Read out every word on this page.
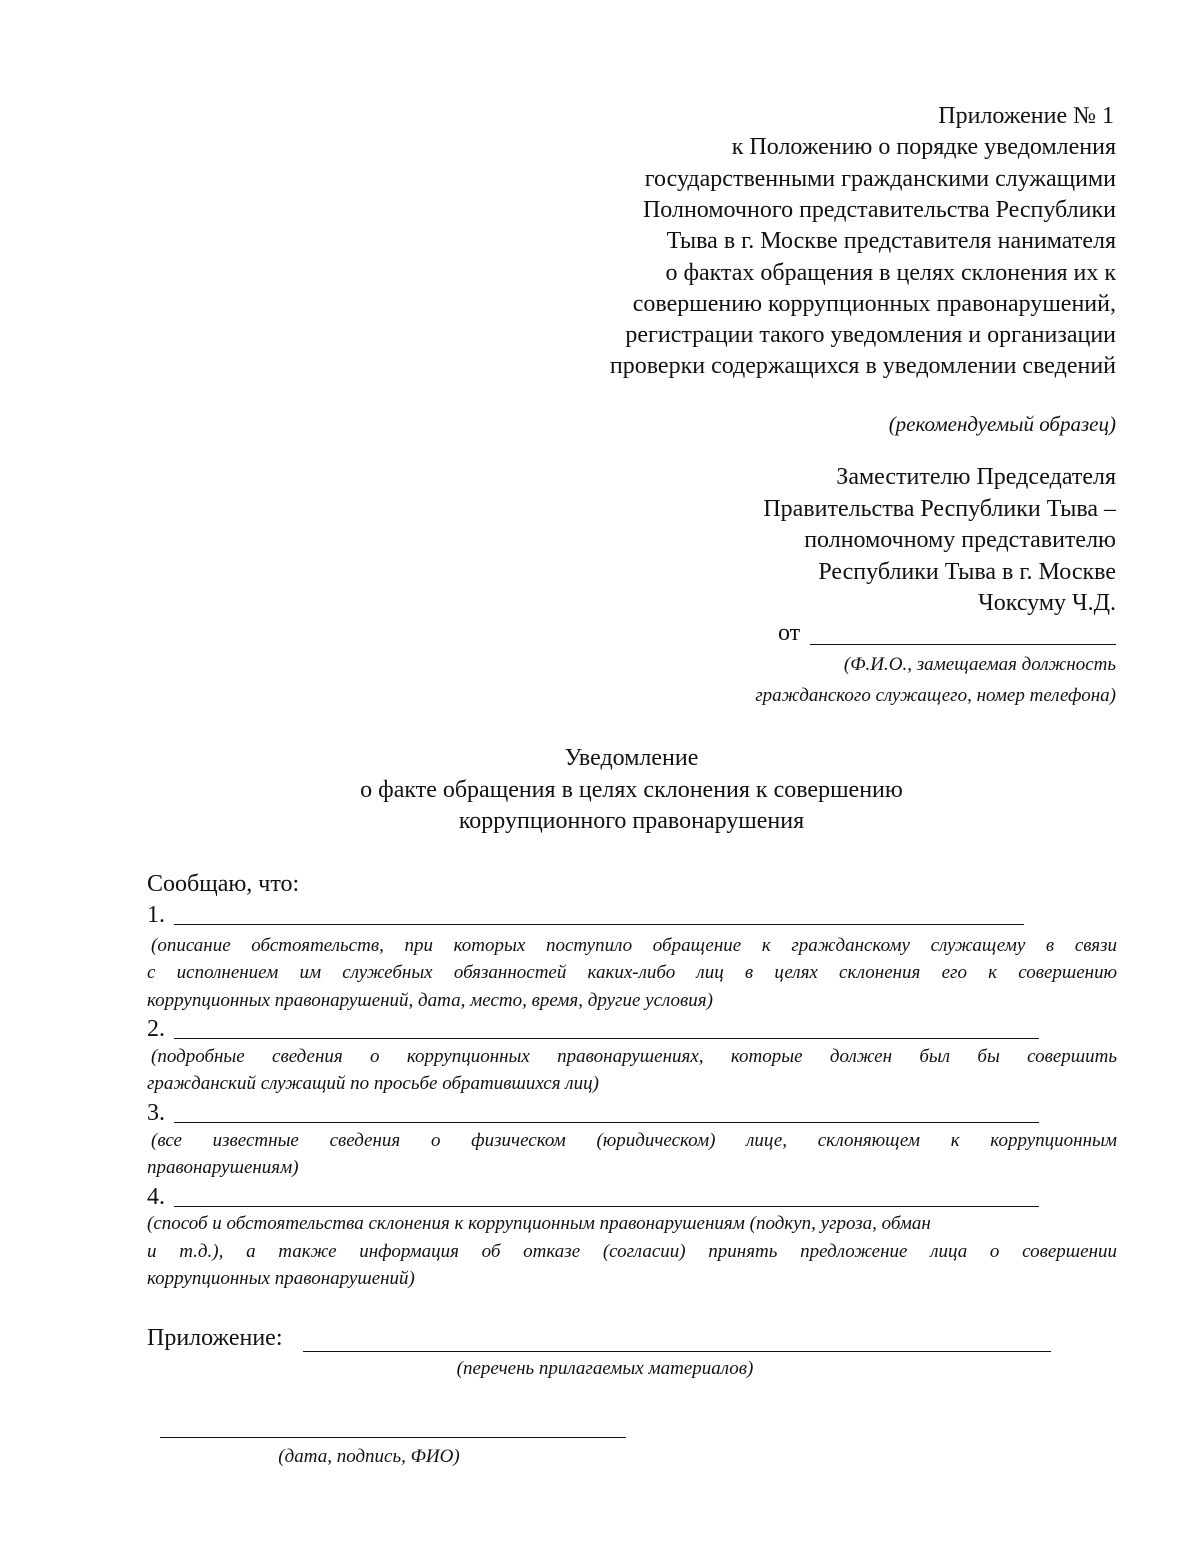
Приложение № 1
к Положению о порядке уведомления
государственными гражданскими служащими
Полномочного представительства Республики
Тыва в г. Москве представителя нанимателя
о фактах обращения в целях склонения их к
совершению коррупционных правонарушений,
регистрации такого уведомления и организации
проверки содержащихся в уведомлении сведений
(рекомендуемый образец)
Заместителю Председателя
Правительства Республики Тыва –
полномочному представителю
Республики Тыва в г. Москве
Чоксуму Ч.Д.
от
(Ф.И.О., замещаемая должность
гражданского служащего, номер телефона)
Уведомление
о факте обращения в целях склонения к совершению
коррупционного правонарушения
Сообщаю, что:
1.
(описание обстоятельств, при которых поступило обращение к гражданскому служащему в связи
с исполнением им служебных обязанностей каких-либо лиц в целях склонения его к совершению
коррупционных правонарушений, дата, место, время, другие условия)
2.
(подробные сведения о коррупционных правонарушениях, которые должен был бы совершить
гражданский служащий по просьбе обратившихся лиц)
3.
(все известные сведения о физическом (юридическом) лице, склоняющем к коррупционным
правонарушениям)
4.
(способ и обстоятельства склонения к коррупционным правонарушениям (подкуп, угроза, обман
и т.д.), а также информация об отказе (согласии) принять предложение лица о совершении
коррупционных правонарушений)
Приложение:
(перечень прилагаемых материалов)
(дата, подпись, ФИО)
